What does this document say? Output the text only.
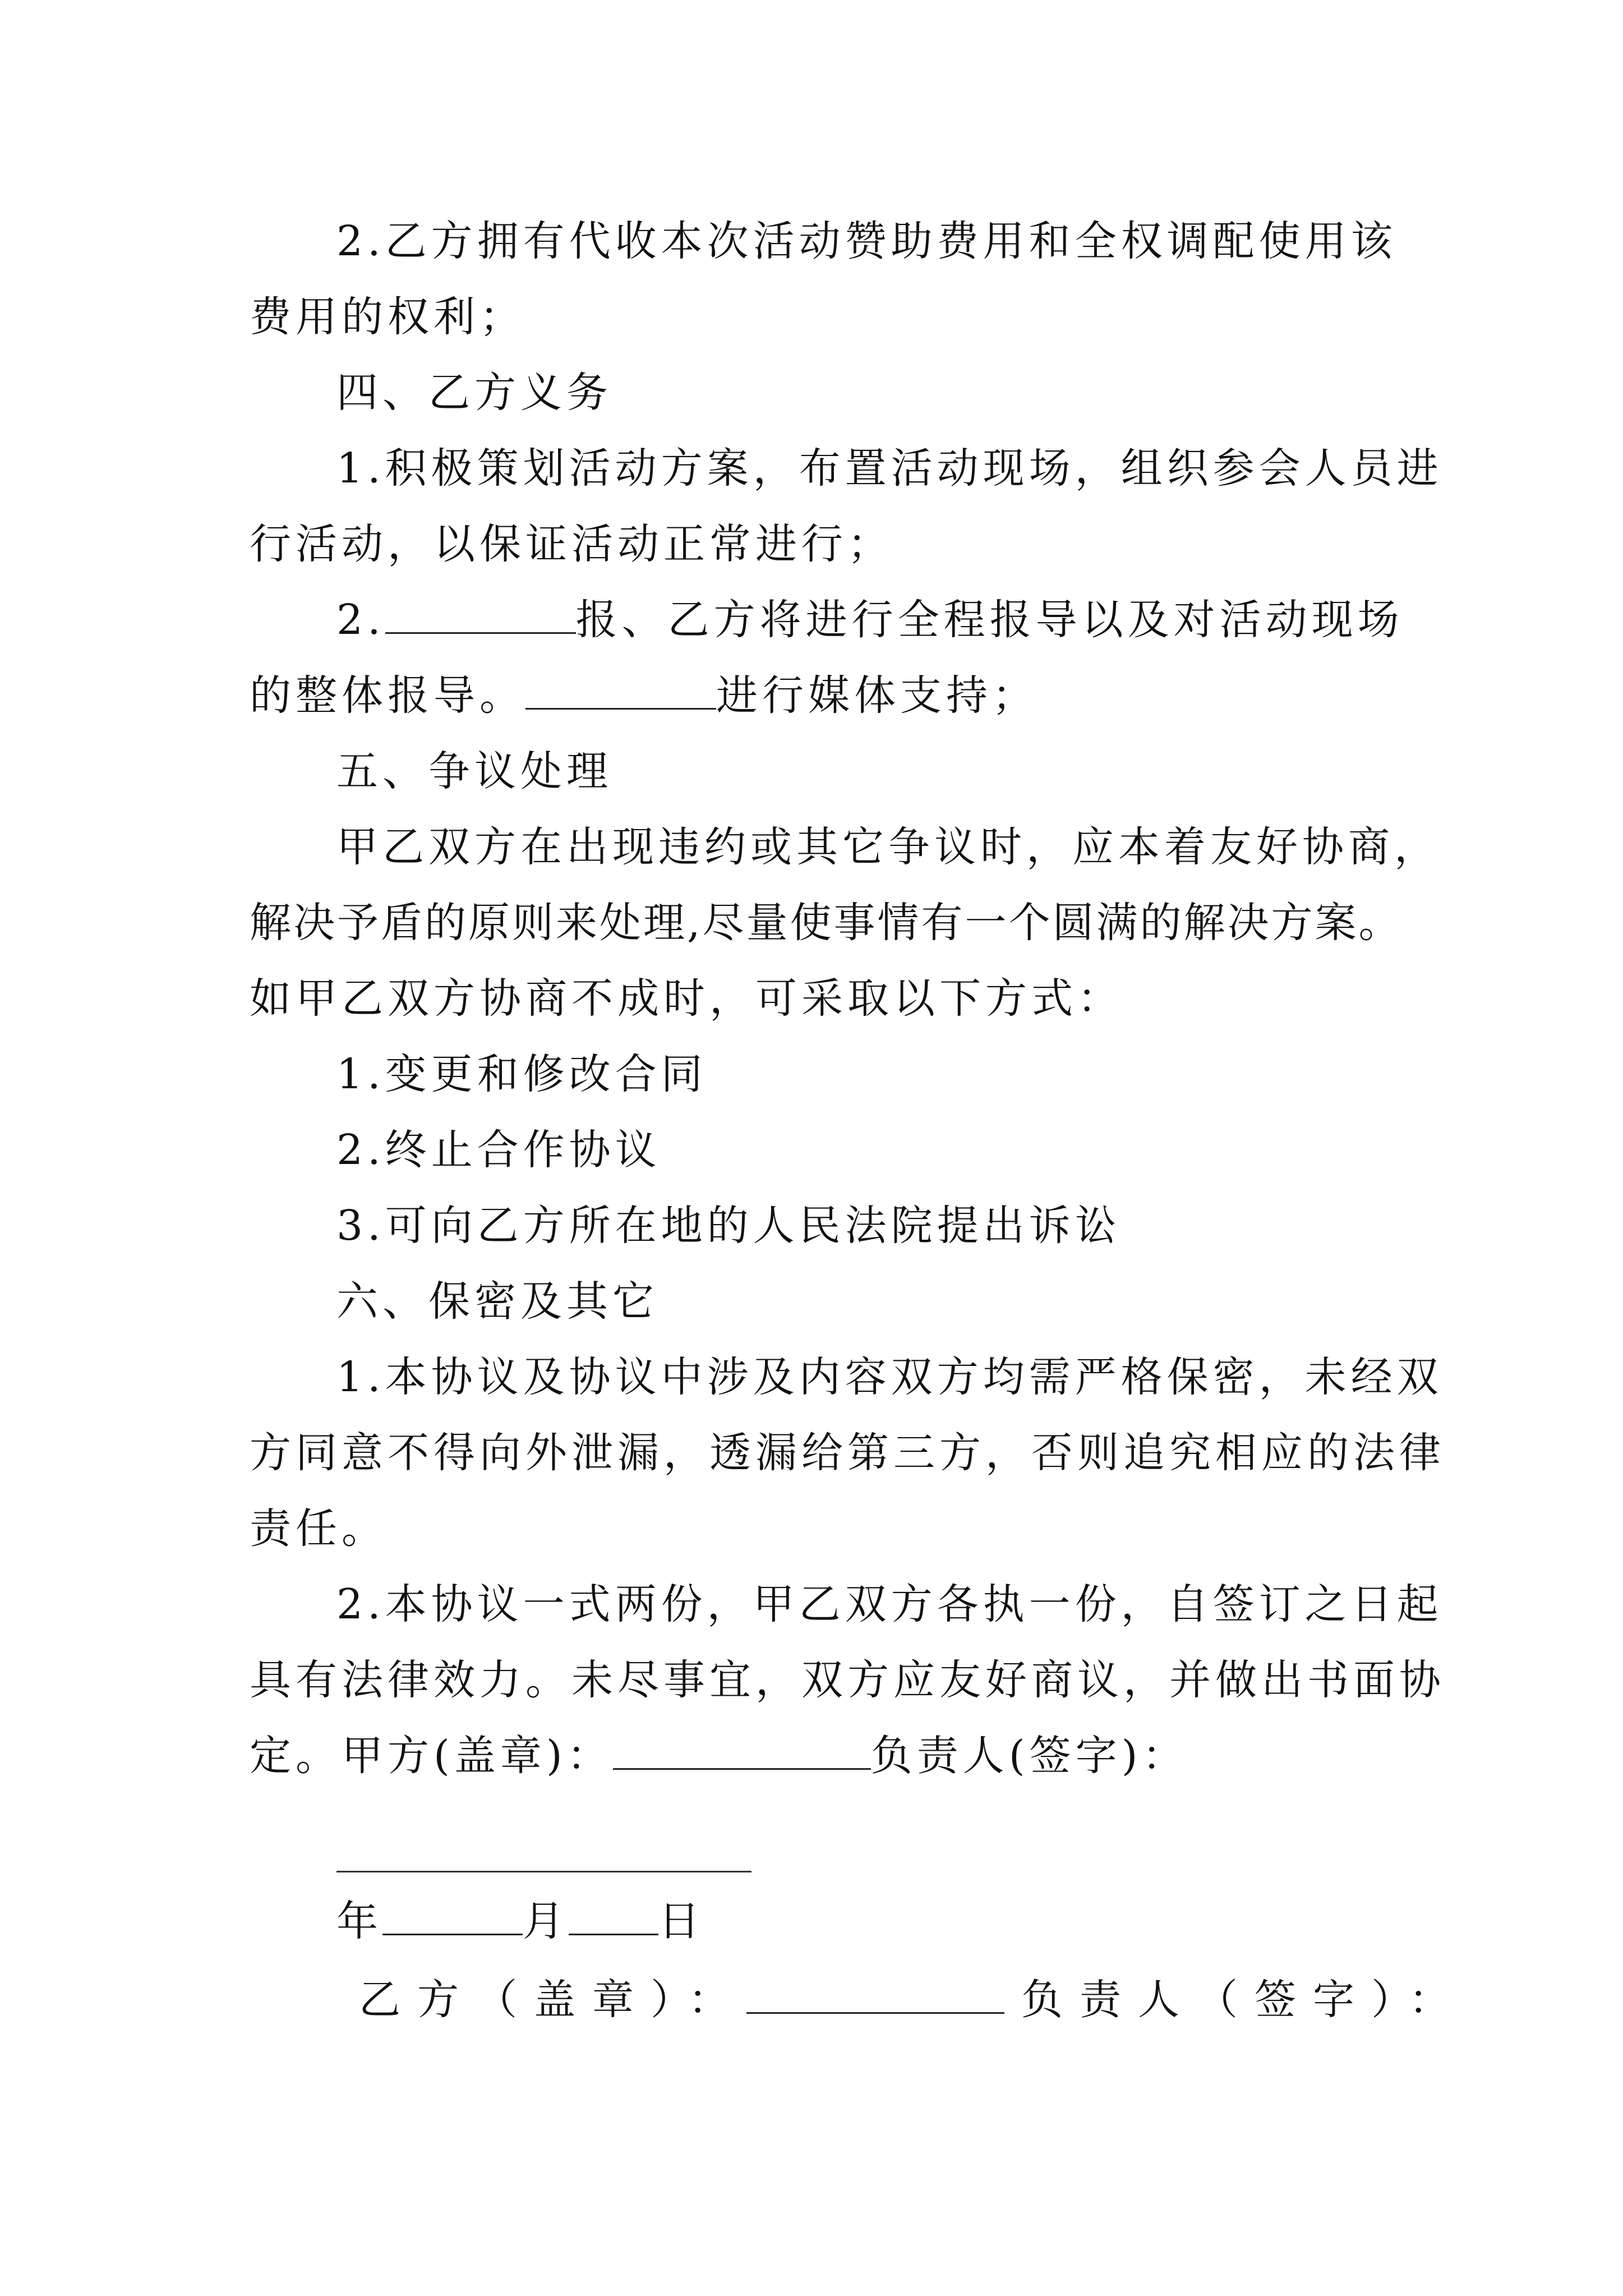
2.乙方拥有代收本次活动赞助费用和全权调配使用该
费用的权利；
四、乙方义务
1.积极策划活动方案，布置活动现场，组织参会人员进
行活动，以保证活动正常进行；
2.	报、乙方将进行全程报导以及对活动现场
的整体报导。	进行媒体支持；
五、争议处理
甲乙双方在出现违约或其它争议时，应本着友好协商，
解决予盾的原则来处理,尽量使事情有一个圆满的解决方案。
如甲乙双方协商不成时，可采取以下方式：
1.变更和修改合同
2.终止合作协议
3.可向乙方所在地的人民法院提出诉讼
六、保密及其它
1.本协议及协议中涉及内容双方均需严格保密，未经双
方同意不得向外泄漏，透漏给第三方，否则追究相应的法律
责任。
2.本协议一式两份，甲乙双方各执一份，自签订之日起
具有法律效力。未尽事宜，双方应友好商议，并做出书面协
定。甲方(盖章)：	负责人(签字)：
年	月 日
乙方（盖章）：	负责人（签字）：
